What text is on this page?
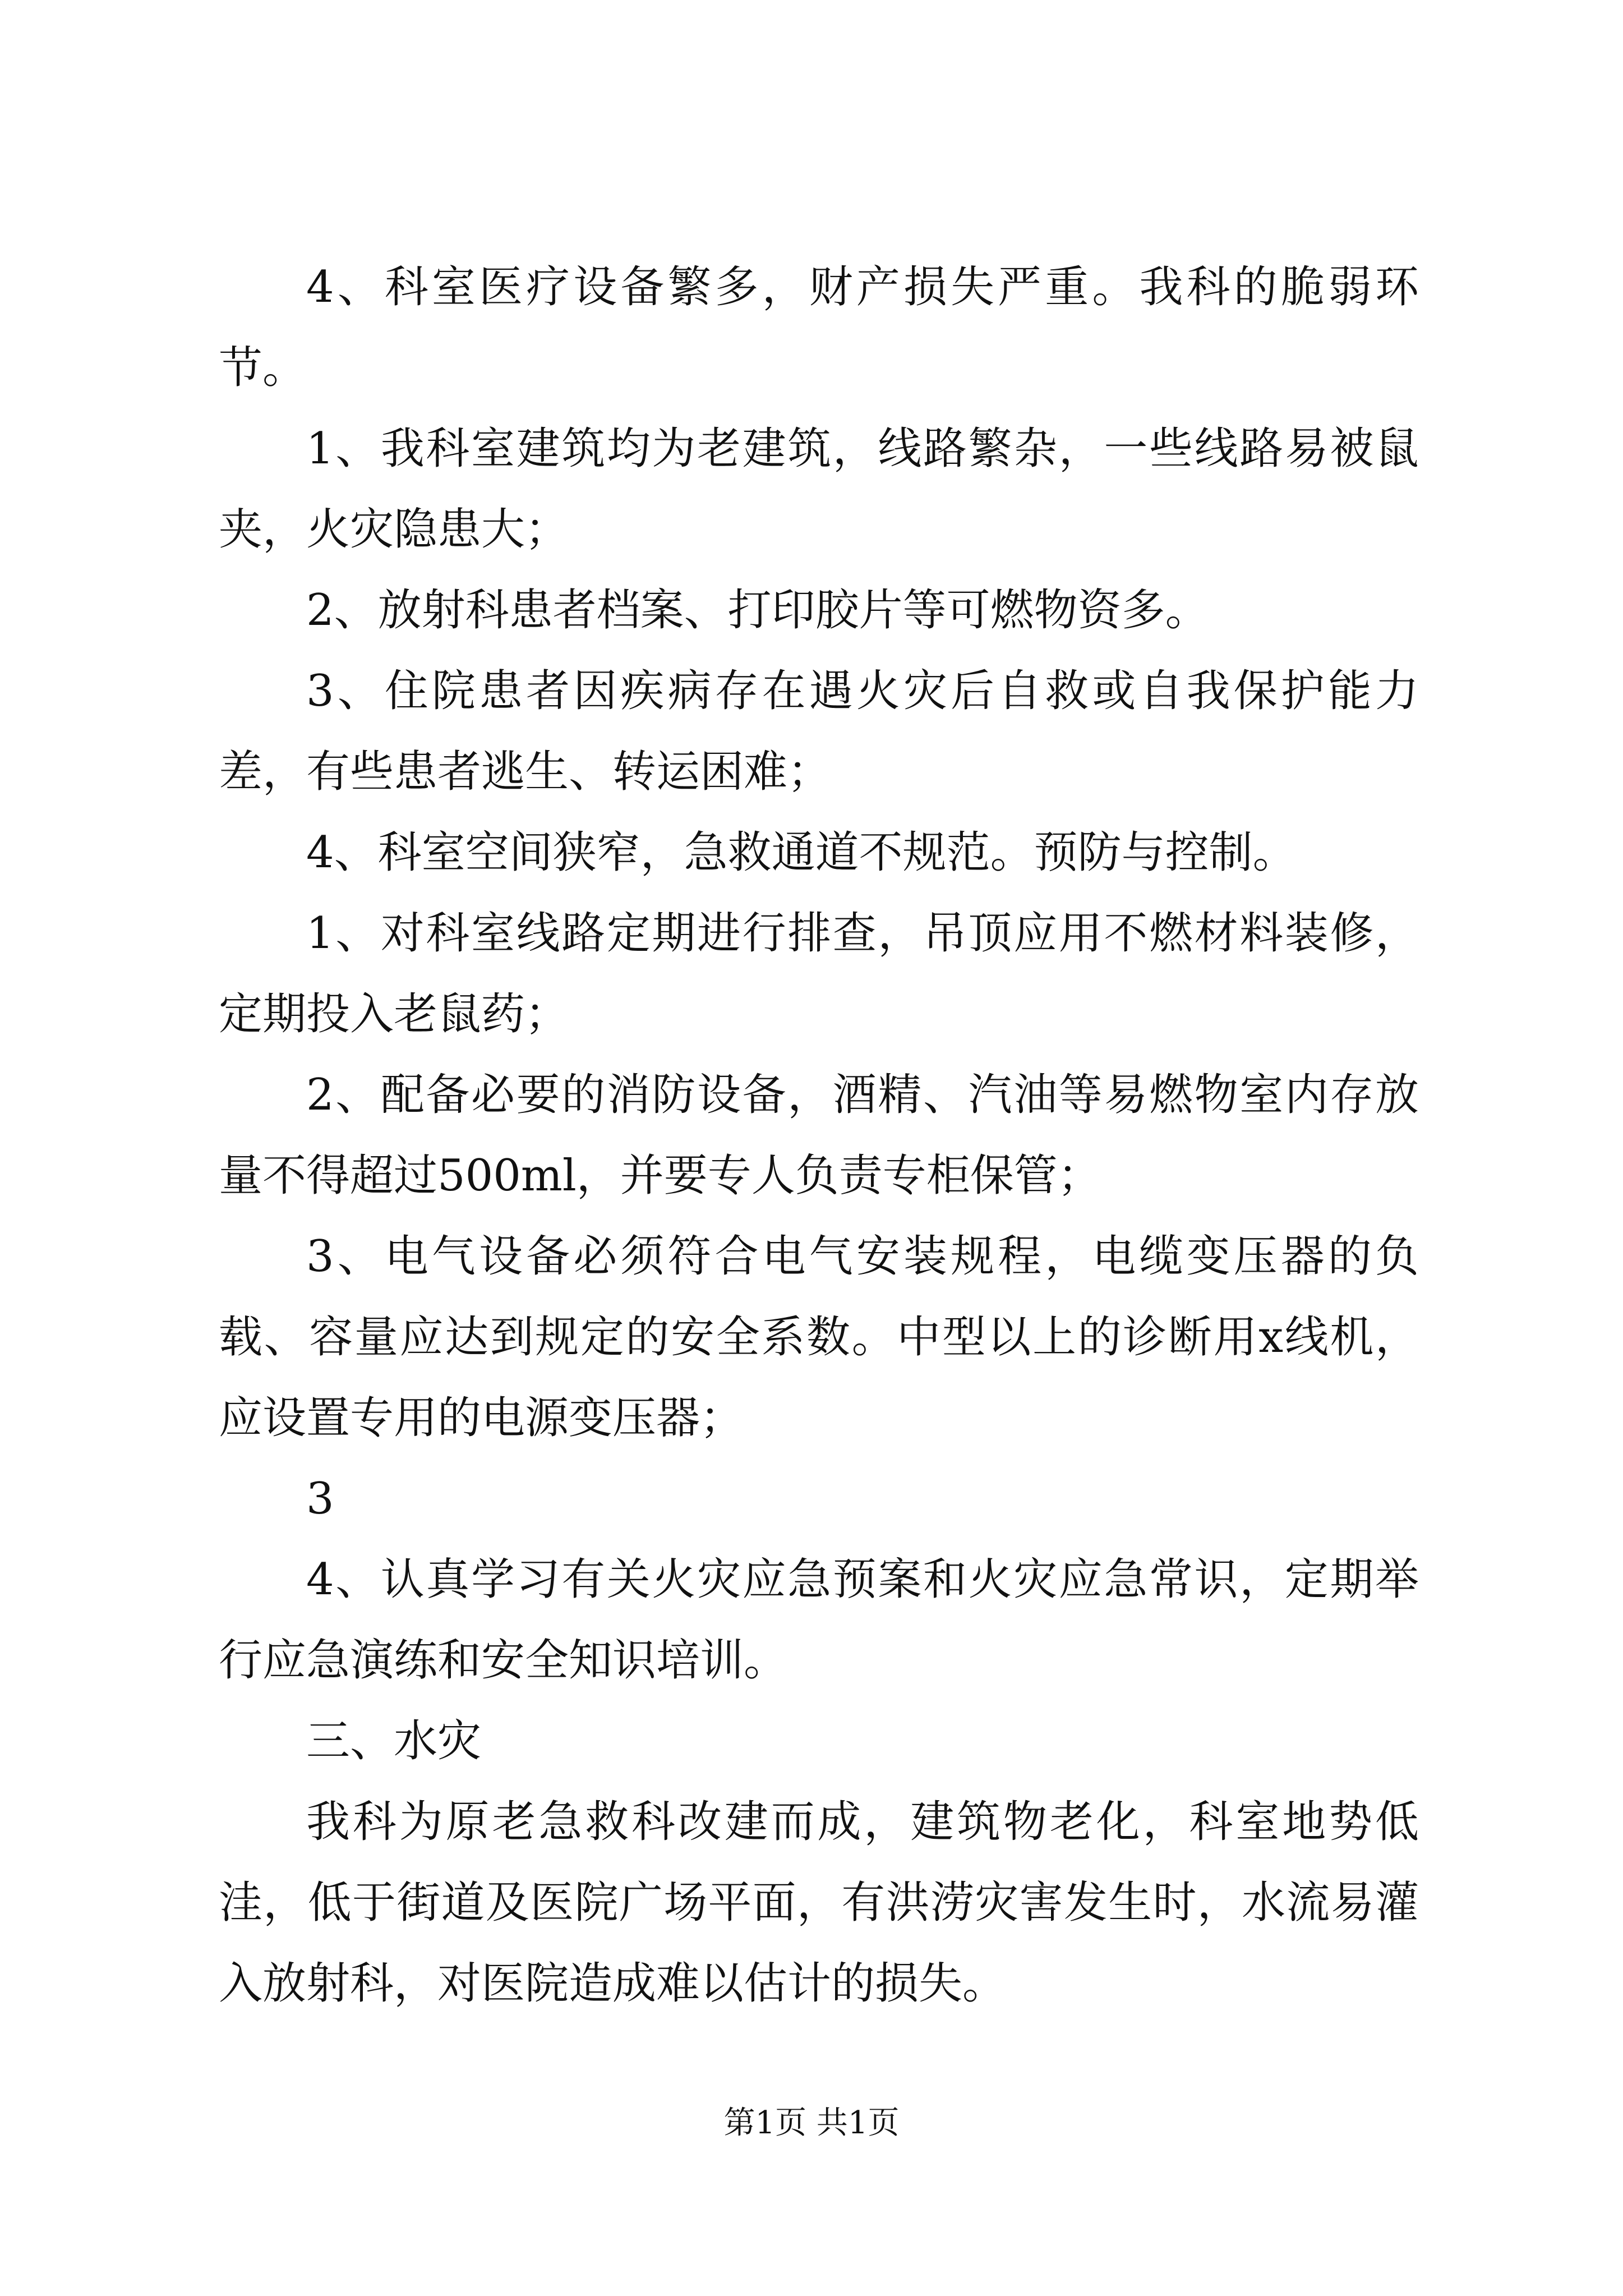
4、科室医疗设备繁多，财产损失严重。我科的脆弱环节。

1、我科室建筑均为老建筑，线路繁杂，一些线路易被鼠夹，火灾隐患大；

2、放射科患者档案、打印胶片等可燃物资多。

3、住院患者因疾病存在遇火灾后自救或自我保护能力差，有些患者逃生、转运困难；

4、科室空间狭窄，急救通道不规范。预防与控制。

1、对科室线路定期进行排查，吊顶应用不燃材料装修，定期投入老鼠药；

2、配备必要的消防设备，酒精、汽油等易燃物室内存放量不得超过500ml，并要专人负责专柜保管；

3、电气设备必须符合电气安装规程，电缆变压器的负载、容量应达到规定的安全系数。中型以上的诊断用x线机，应设置专用的电源变压器；

3

4、认真学习有关火灾应急预案和火灾应急常识，定期举行应急演练和安全知识培训。

三、水灾

我科为原老急救科改建而成，建筑物老化，科室地势低洼，低于街道及医院广场平面，有洪涝灾害发生时，水流易灌入放射科，对医院造成难以估计的损失。

第1页 共1页
